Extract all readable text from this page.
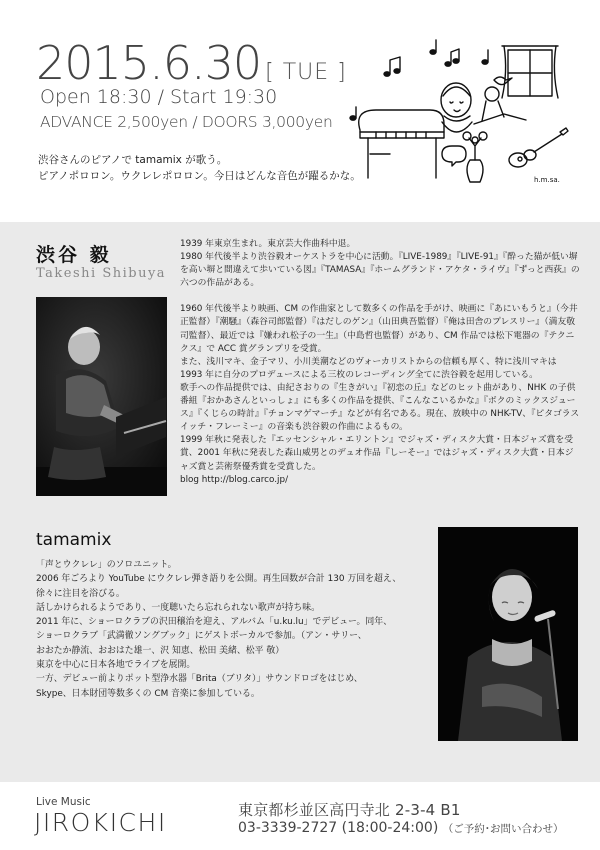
2015.6.30 [ TUE ]
Open 18:30 / Start 19:30
ADVANCE 2,500yen / DOORS 3,000yen
渋谷さんのピアノで tamamix が歌う。
ピアノポロロン。ウクレレポロロン。今日はどんな音色が躍るかな。	h.m.sa.
渋谷 毅
Takeshi Shibuya

1939 年東京生まれ。東京芸大作曲科中退。
1980 年代後半より渋谷毅オーケストラを中心に活動。『LIVE-1989』『LIVE-91』『酔った猫が低い塀を高い塀と間違えて歩いている図』『TAMASA』『ホームグランド・アケタ・ライヴ』『ずっと西荻』の六つの作品がある。

1960 年代後半より映画、CM の作曲家として数多くの作品を手がけ、映画に『あにいもうと』（今井正監督）『潮騒』（森谷司郎監督）『はだしのゲン』（山田典吾監督）『俺は田舎のプレスリー』（満友敬司監督）、最近では『嫌われ松子の一生』（中島哲也監督）があり、CM 作品では松下電器の『テクニクス』で ACC 賞グランプリを受賞。
また、浅川マキ、金子マリ、小川美潮などのヴォーカリストからの信頼も厚く、特に浅川マキは 1993 年に自分のプロデュースによる三枚のレコーディング全てに渋谷毅を起用している。
歌手への作品提供では、由紀さおりの『生きがい』『初恋の丘』などのヒット曲があり、NHK の子供番組『おかあさんといっしょ』にも多くの作品を提供、『こんなこいるかな』『ボクのミックスジュース』『くじらの時計』『チョンマゲマーチ』などが有名である。現在、放映中の NHK-TV、『ピタゴラスイッチ・フレーミー』の音楽も渋谷毅の作曲によるもの。
1999 年秋に発表した『エッセンシャル・エリントン』でジャズ・ディスク大賞・日本ジャズ賞を受賞、2001 年秋に発表した森山威男とのデュオ作品『しーそー』ではジャズ・ディスク大賞・日本ジャズ賞と芸術祭優秀賞を受賞した。
blog http://blog.carco.jp/

tamamix
「声とウクレレ」のソロユニット。
2006 年ごろより YouTube にウクレレ弾き語りを公開。再生回数が合計 130 万回を超え、
徐々に注目を浴びる。
話しかけられるようであり、一度聴いたら忘れられない歌声が持ち味。
2011 年に、ショーロクラブの沢田穣治を迎え、アルバム「u.ku.lu」でデビュー。同年、
ショーロクラブ「武満徹ソングブック」にゲストボーカルで参加。（アン・サリー、
おおたか静流、おおはた雄一、沢 知恵、松田 美緒、松平 敬）
東京を中心に日本各地でライブを展開。
一方、デビュー前よりポット型浄水器「Brita（ブリタ）」サウンドロゴをはじめ、
Skype、日本財団等数多くの CM 音楽に参加している。
Live Music
JIROKICHI	東京都杉並区高円寺北 2-3-4 B1
03-3339-2727 (18:00-24:00) （ご予約･お問い合わせ）
